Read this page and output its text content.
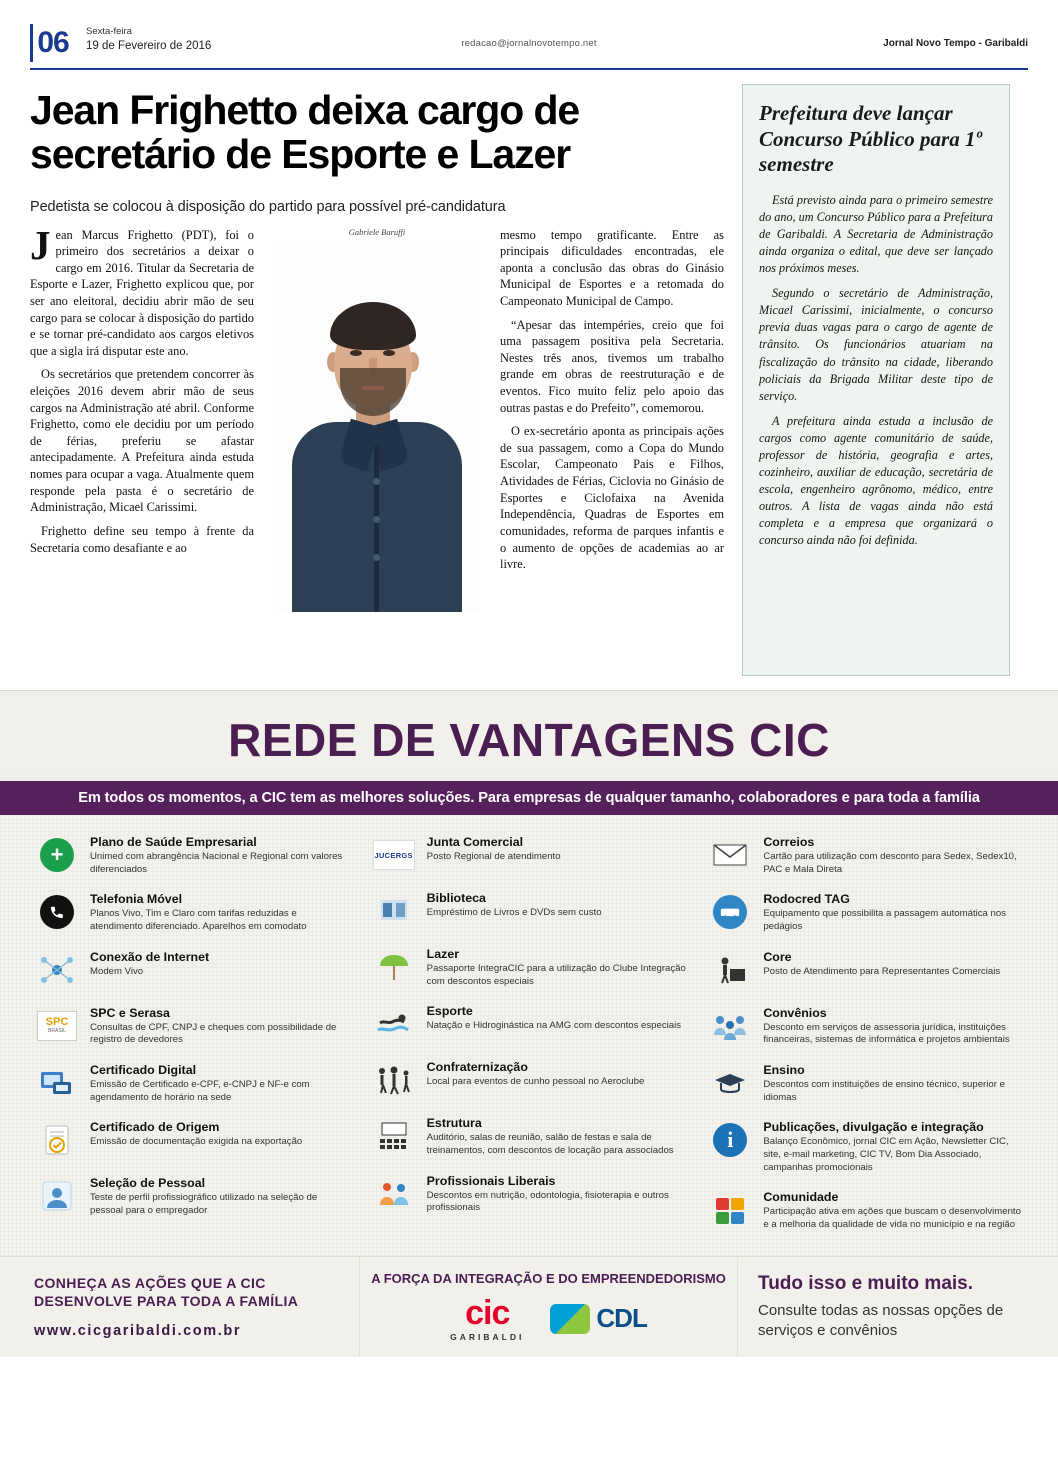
06 Sexta-feira
19 de Fevereiro de 2016	redacao@jornalnovotempo.net	Jornal Novo Tempo - Garibaldi
Jean Frighetto deixa cargo de secretário de Esporte e Lazer
Pedetista se colocou à disposição do partido para possível pré-candidatura

Jean Marcus Frighetto (PDT), foi o primeiro dos secretários a deixar o cargo em 2016. Titular da Secretaria de Esporte e Lazer, Frighetto explicou que, por ser ano eleitoral, decidiu abrir mão de seu cargo para se colocar à disposição do partido e se tornar pré-candidato aos cargos eletivos que a sigla irá disputar este ano.

Os secretários que pretendem concorrer às eleições 2016 devem abrir mão de seus cargos na Administração até abril. Conforme Frighetto, como ele decidiu por um período de férias, preferiu se afastar antecipadamente. A Prefeitura ainda estuda nomes para ocupar a vaga. Atualmente quem responde pela pasta é o secretário de Administração, Micael Carissimi.

Frighetto define seu tempo à frente da Secretaria como desafiante e ao

Gabriele Baruffi	mesmo tempo gratificante. Entre as principais dificuldades encontradas, ele aponta a conclusão das obras do Ginásio Municipal de Esportes e a retomada do Campeonato Municipal de Campo.

“Apesar das intempéries, creio que foi uma passagem positiva pela Secretaria. Nestes três anos, tivemos um trabalho grande em obras de reestruturação e de eventos. Fico muito feliz pelo apoio das outras pastas e do Prefeito”, comemorou.

O ex-secretário aponta as principais ações de sua passagem, como a Copa do Mundo Escolar, Campeonato Pais e Filhos, Atividades de Férias, Ciclovia no Ginásio de Esportes e Ciclofaixa na Avenida Independência, Quadras de Esportes em comunidades, reforma de parques infantis e o aumento de opções de academias ao ar livre.

Prefeitura deve lançar Concurso Público para 1º semestre

Está previsto ainda para o primeiro semestre do ano, um Concurso Público para a Prefeitura de Garibaldi. A Secretaria de Administração ainda organiza o edital, que deve ser lançado nos próximos meses.

Segundo o secretário de Administração, Micael Carissimi, inicialmente, o concurso previa duas vagas para o cargo de agente de trânsito. Os funcionários atuariam na fiscalização do trânsito na cidade, liberando policiais da Brigada Militar deste tipo de serviço.

A prefeitura ainda estuda a inclusão de cargos como agente comunitário de saúde, professor de história, geografia e artes, cozinheiro, auxiliar de educação, secretária de escola, engenheiro agrônomo, médico, entre outros. A lista de vagas ainda não está completa e a empresa que organizará o concurso ainda não foi definida.

REDE DE VANTAGENS CIC
Em todos os momentos, a CIC tem as melhores soluções. Para empresas de qualquer tamanho, colaboradores e para toda a família
+	Plano de Saúde Empresarial
Unimed com abrangência Nacional e Regional com valores diferenciados
Telefonia Móvel
Planos Vivo, Tim e Claro com tarifas reduzidas e atendimento diferenciado. Aparelhos em comodato
Conexão de Internet
Modem Vivo
SPC
BRASIL
SPC e Serasa
Consultas de CPF, CNPJ e cheques com possibilidade de registro de devedores
Certificado Digital
Emissão de Certificado e-CPF, e-CNPJ e NF-e com agendamento de horário na sede
Certificado de Origem
Emissão de documentação exigida na exportação
Seleção de Pessoal
Teste de perfil profissiográfico utilizado na seleção de pessoal para o empregador
JUCERGS
Junta Comercial
Posto Regional de atendimento
Biblioteca
Empréstimo de Livros e DVDs sem custo
Lazer
Passaporte IntegraCIC para a utilização do Clube Integração com descontos especiais
Esporte
Natação e Hidroginástica na AMG com descontos especiais
Confraternização
Local para eventos de cunho pessoal no Aeroclube
Estrutura
Auditório, salas de reunião, salão de festas e sala de treinamentos, com descontos de locação para associados
Profissionais Liberais
Descontos em nutrição, odontologia, fisioterapia e outros profissionais
Correios
Cartão para utilização com desconto para Sedex, Sedex10, PAC e Mala Direta
Rodocred TAG
Equipamento que possibilita a passagem automática nos pedágios
Core
Posto de Atendimento para Representantes Comerciais
Convênios
Desconto em serviços de assessoria jurídica, instituições financeiras, sistemas de informática e projetos ambientais
Ensino
Descontos com instituições de ensino técnico, superior e idiomas
i	Publicações, divulgação e integração
Balanço Econômico, jornal CIC em Ação, Newsletter CIC, site, e-mail marketing, CIC TV, Bom Dia Associado, campanhas promocionais
Comunidade
Participação ativa em ações que buscam o desenvolvimento e a melhoria da qualidade de vida no município e na região
CONHEÇA AS AÇÕES QUE A CIC
DESENVOLVE PARA TODA A FAMÍLIA
www.cicgaribaldi.com.br
A FORÇA DA INTEGRAÇÃO E DO EMPREENDEDORISMO
cic
GARIBALDI
CDL
Tudo isso e muito mais.
Consulte todas as nossas opções de serviços e convênios
